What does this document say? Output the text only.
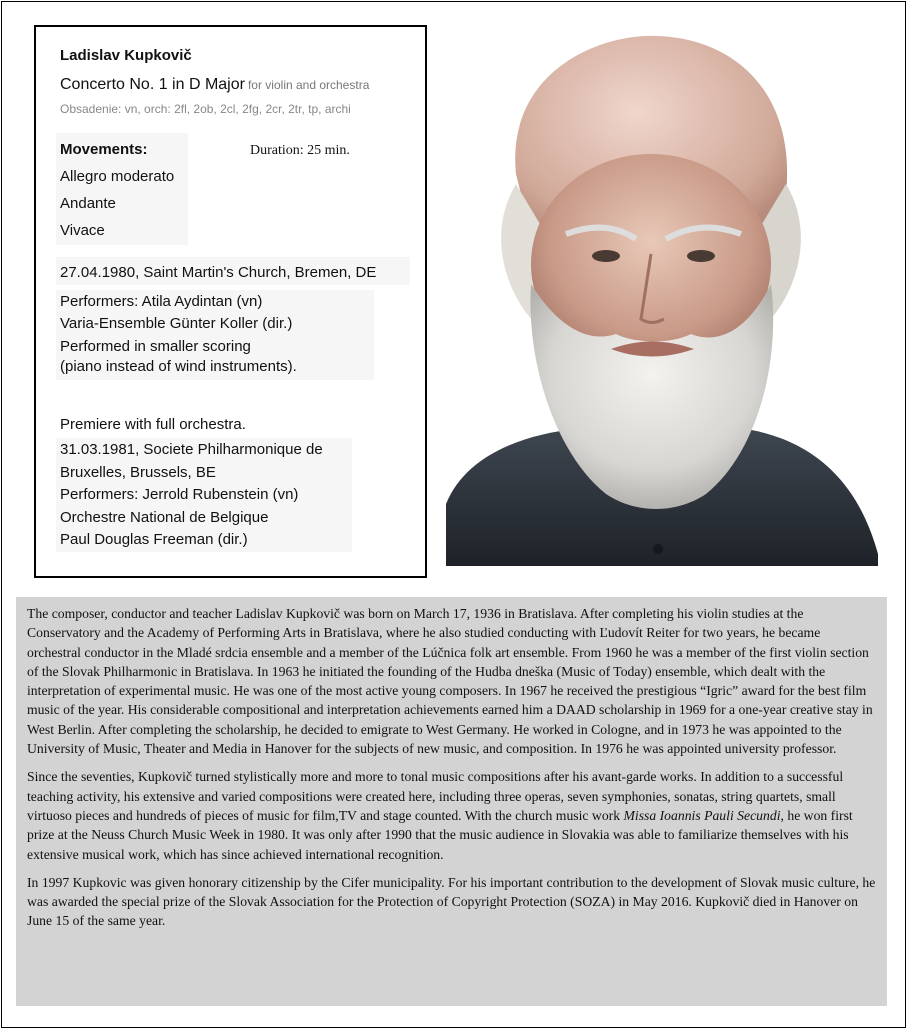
Ladislav Kupkovič
Concerto No. 1 in D Major for violin and orchestra
Obsadenie: vn, orch: 2fl, 2ob, 2cl, 2fg, 2cr, 2tr, tp, archi
Movements:
Allegro moderato
Andante
Vivace
Duration: 25 min.
27.04.1980, Saint Martin's Church, Bremen, DE
Performers: Atila Aydintan (vn)
Varia-Ensemble Günter Koller (dir.)
Performed in smaller scoring
(piano instead of wind instruments).
Premiere with full orchestra.
31.03.1981, Societe Philharmonique de
Bruxelles, Brussels, BE
Performers: Jerrold Rubenstein (vn)
Orchestre National de Belgique
Paul Douglas Freeman (dir.)

The composer, conductor and teacher Ladislav Kupkovič was born on March 17, 1936 in Bratislava. After completing his violin studies at the Conservatory and the Academy of Performing Arts in Bratislava, where he also studied conducting with Ľudovít Reiter for two years, he became orchestral conductor in the Mladé srdcia ensemble and a member of the Lúčnica folk art ensemble. From 1960 he was a member of the first violin section of the Slovak Philharmonic in Bratislava. In 1963 he initiated the founding of the Hudba dneška (Music of Today) ensemble, which dealt with the interpretation of experimental music. He was one of the most active young composers. In 1967 he received the prestigious “Igric” award for the best film music of the year. His considerable compositional and interpretation achievements earned him a DAAD scholarship in 1969 for a one-year creative stay in West Berlin. After completing the scholarship, he decided to emigrate to West Germany. He worked in Cologne, and in 1973 he was appointed to the University of Music, Theater and Media in Hanover for the subjects of new music, and composition. In 1976 he was appointed university professor.

Since the seventies, Kupkovič turned stylistically more and more to tonal music compositions after his avant-garde works. In addition to a successful teaching activity, his extensive and varied compositions were created here, including three operas, seven symphonies, sonatas, string quartets, small virtuoso pieces and hundreds of pieces of music for film,TV and stage counted. With the church music work Missa Ioannis Pauli Secundi, he won first prize at the Neuss Church Music Week in 1980. It was only after 1990 that the music audience in Slovakia was able to familiarize themselves with his extensive musical work, which has since achieved international recognition.

In 1997 Kupkovic was given honorary citizenship by the Cifer municipality. For his important contribution to the development of Slovak music culture, he was awarded the special prize of the Slovak Association for the Protection of Copyright Protection (SOZA) in May 2016. Kupkovič died in Hanover on June 15 of the same year.
